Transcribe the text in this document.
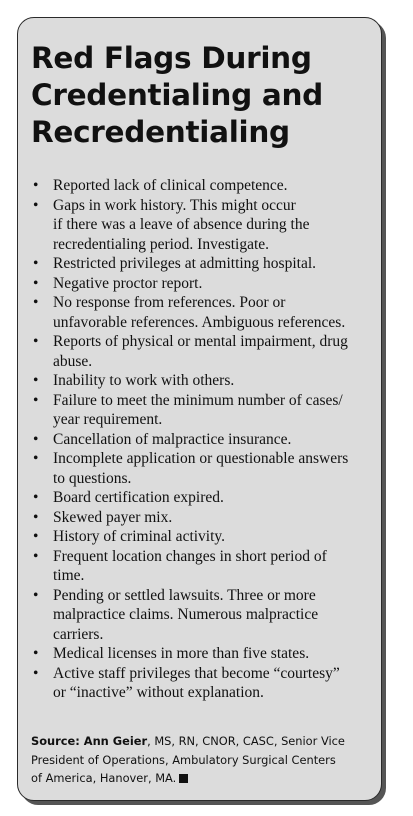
Red Flags During
Credentialing and
Recredentialing
• Reported lack of clinical competence.
• Gaps in work history. This might occur
if there was a leave of absence during the
recredentialing period. Investigate.
• Restricted privileges at admitting hospital.
• Negative proctor report.
• No response from references. Poor or
unfavorable references. Ambiguous references.
• Reports of physical or mental impairment, drug
abuse.
• Inability to work with others.
• Failure to meet the minimum number of cases/
year requirement.
• Cancellation of malpractice insurance.
• Incomplete application or questionable answers
to questions.
• Board certification expired.
• Skewed payer mix.
• History of criminal activity.
• Frequent location changes in short period of
time.
• Pending or settled lawsuits. Three or more
malpractice claims. Numerous malpractice
carriers.
• Medical licenses in more than five states.
• Active staff privileges that become “courtesy”
or “inactive” without explanation.
Source: Ann Geier, MS, RN, CNOR, CASC, Senior Vice
President of Operations, Ambulatory Surgical Centers
of America, Hanover, MA.
